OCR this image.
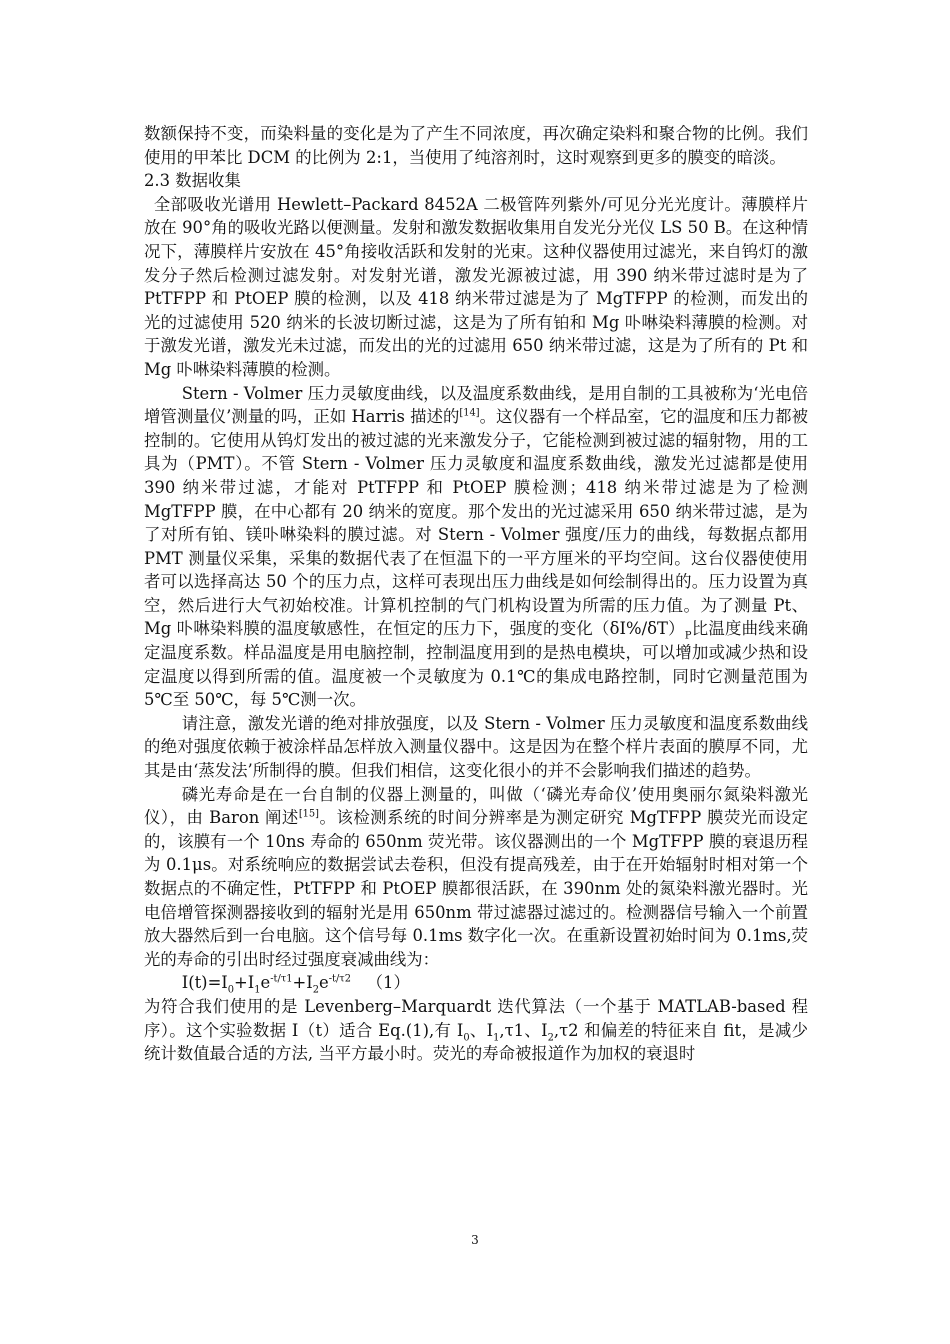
数额保持不变，而染料量的变化是为了产生不同浓度，再次确定染料和聚合物的比例。我们使用的甲苯比 DCM 的比例为 2:1，当使用了纯溶剂时，这时观察到更多的膜变的暗淡。

2.3 数据收集

全部吸收光谱用 Hewlett–Packard 8452A 二极管阵列紫外/可见分光光度计。薄膜样片放在 90°角的吸收光路以便测量。发射和激发数据收集用自发光分光仪 LS 50 B。在这种情况下，薄膜样片安放在 45°角接收活跃和发射的光束。这种仪器使用过滤光，来自钨灯的激发分子然后检测过滤发射。对发射光谱，激发光源被过滤，用 390 纳米带过滤时是为了 PtTFPP 和 PtOEP 膜的检测，以及 418 纳米带过滤是为了 MgTFPP 的检测，而发出的光的过滤使用 520 纳米的长波切断过滤，这是为了所有铂和 Mg 卟啉染料薄膜的检测。对于激发光谱，激发光未过滤，而发出的光的过滤用 650 纳米带过滤，这是为了所有的 Pt 和 Mg 卟啉染料薄膜的检测。

Stern - Volmer 压力灵敏度曲线，以及温度系数曲线，是用自制的工具被称为‘光电倍增管测量仪’测量的吗，正如 Harris 描述的[14]。这仪器有一个样品室，它的温度和压力都被控制的。它使用从钨灯发出的被过滤的光来激发分子，它能检测到被过滤的辐射物，用的工具为（PMT）。不管 Stern - Volmer 压力灵敏度和温度系数曲线，激发光过滤都是使用 390 纳米带过滤，才能对 PtTFPP 和 PtOEP 膜检测；418 纳米带过滤是为了检测 MgTFPP 膜，在中心都有 20 纳米的宽度。那个发出的光过滤采用 650 纳米带过滤，是为了对所有铂、镁卟啉染料的膜过滤。对 Stern - Volmer 强度/压力的曲线，每数据点都用 PMT 测量仪采集，采集的数据代表了在恒温下的一平方厘米的平均空间。这台仪器使使用者可以选择高达 50 个的压力点，这样可表现出压力曲线是如何绘制得出的。压力设置为真空，然后进行大气初始校准。计算机控制的气门机构设置为所需的压力值。为了测量 Pt、Mg 卟啉染料膜的温度敏感性，在恒定的压力下，强度的变化$(\delta I\%/\delta T)_P$比温度曲线来确定温度系数。样品温度是用电脑控制，控制温度用到的是热电模块，可以增加或减少热和设定温度以得到所需的值。温度被一个灵敏度为 0.1℃的集成电路控制，同时它测量范围为 5℃至 50℃，每 5℃测一次。

请注意，激发光谱的绝对排放强度，以及 Stern - Volmer 压力灵敏度和温度系数曲线的绝对强度依赖于被涂样品怎样放入测量仪器中。这是因为在整个样片表面的膜厚不同，尤其是由‘蒸发法’所制得的膜。但我们相信，这变化很小的并不会影响我们描述的趋势。

磷光寿命是在一台自制的仪器上测量的，叫做（‘磷光寿命仪’使用奥丽尔氮染料激光仪），由 Baron 阐述[15]。该检测系统的时间分辨率是为测定研究 MgTFPP 膜荧光而设定的，该膜有一个 10ns 寿命的 650nm 荧光带。该仪器测出的一个 MgTFPP 膜的衰退历程为 0.1μs。对系统响应的数据尝试去卷积，但没有提高残差，由于在开始辐射时相对第一个数据点的不确定性，PtTFPP 和 PtOEP 膜都很活跃，在 390nm 处的氮染料激光器时。光电倍增管探测器接收到的辐射光是用 650nm 带过滤器过滤过的。检测器信号输入一个前置放大器然后到一台电脑。这个信号每 0.1ms 数字化一次。在重新设置初始时间为 0.1ms,荧光的寿命的引出时经过强度衰减曲线为：

$I(t)=I_0+I_1e^{-t/\tau 1}+I_2e^{-t/\tau 2}$ （1）

为符合我们使用的是 Levenberg–Marquardt 迭代算法（一个基于 MATLAB-based 程序）。这个实验数据 I（t）适合 Eq.(1),有 $I_0$、$I_1,\tau 1$、$I_2,\tau 2$ 和偏差的特征来自 fit，是减少统计数值最合适的方法, 当平方最小时。荧光的寿命被报道作为加权的衰退时

3
